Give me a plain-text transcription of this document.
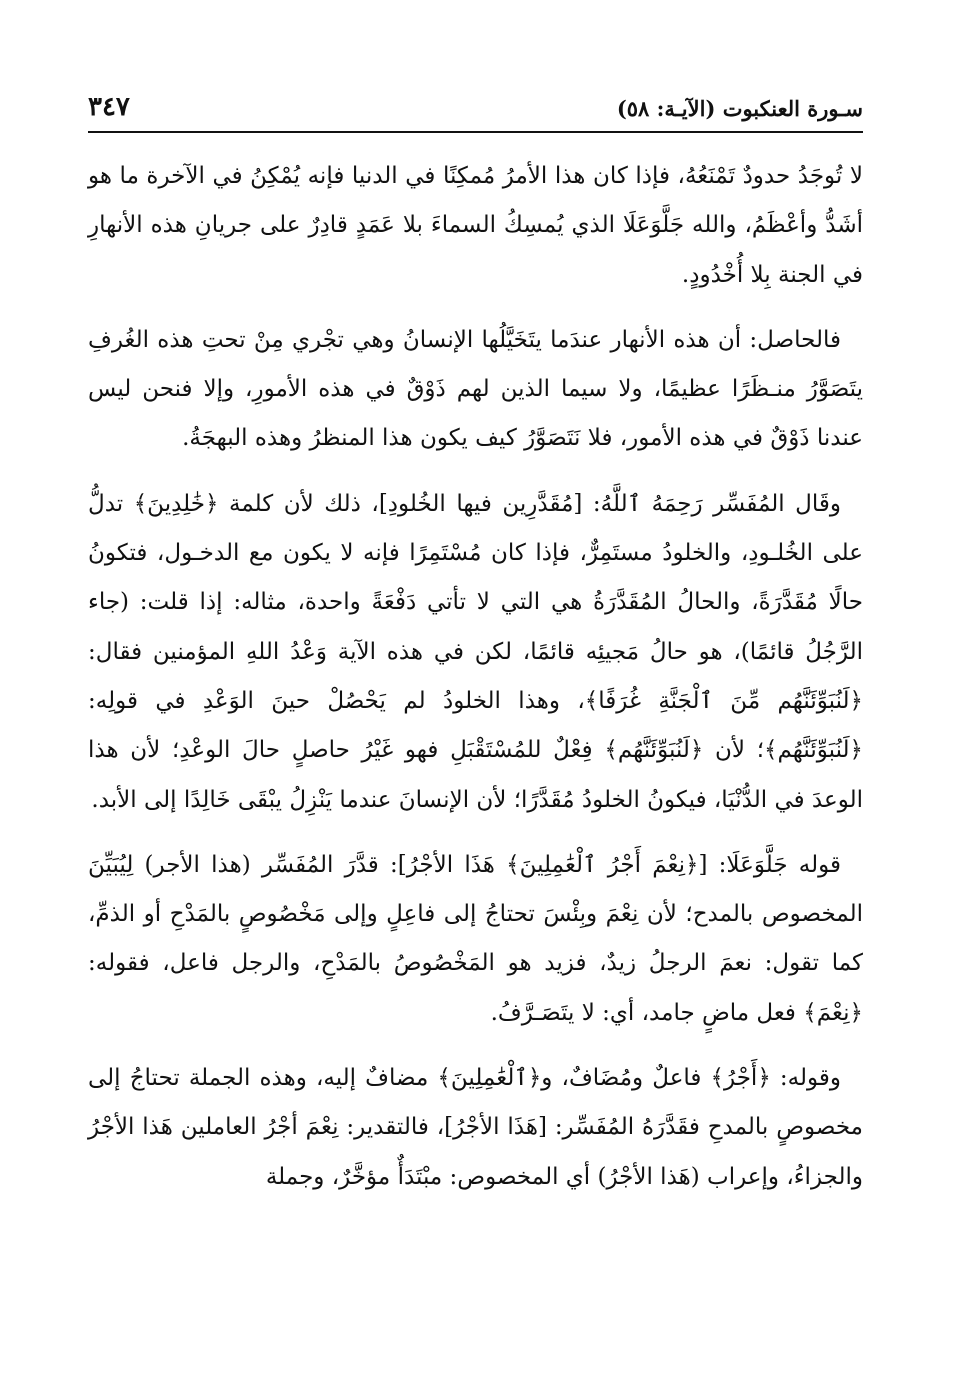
سـورة العنكبوت (الآيـة: ٥٨)
٣٤٧

لا تُوجَدُ حدودٌ تَمْنَعُهُ، فإذا كان هذا الأمرُ مُمكِنًا في الدنيا فإنه يُمْكِنُ في الآخرة ما هو أشَدُّ وأعْظَمُ، والله جَلَّوَعَلَا الذي يُمسِكُ السماءَ بلا عَمَدٍ قادِرٌ على جريانِ هذه الأنهارِ في الجنة بِلا أُخْدُودٍ.

فالحاصل: أن هذه الأنهار عندَما يتَخَيَّلُها الإنسانُ وهي تجْري مِنْ تحتِ هذه الغُرفِ يتَصَوَّرُ منـظَرًا عظيمًا، ولا سيما الذين لهم ذَوْقٌ في هذه الأمورِ، وإلا فنحن ليس عندنا ذَوْقٌ في هذه الأمور، فلا نَتَصَوَّرُ كيف يكون هذا المنظرُ وهذه البهجَةُ.

وقَال المُفَسِّر رَحِمَهُ ٱللَّهُ: [مُقَدَّرِين فيها الخُلودِ]، ذلك لأن كلمة ﴿خَٰلِدِينَ﴾ تدلُّ على الخُلـودِ، والخلودُ مستَمِرٌّ، فإذا كان مُسْتَمِرًا فإنه لا يكون مع الدخـول، فتكونُ حالًا مُقَدَّرَةً، والحالُ المُقَدَّرَةُ هي التي لا تأتي دَفْعَةً واحدة، مثاله: إذا قلت: (جاء الرَّجُلُ قائمًا)، هو حالُ مَجيئِه قائمًا، لكن في هذه الآية وَعْدُ اللهِ المؤمنين فقال: ﴿لَنُبَوِّئَنَّهُم مِّنَ ٱلْجَنَّةِ غُرَفًا﴾، وهذا الخلودُ لم يَحْصُلْ حينَ الوَعْدِ في قولِه: ﴿لَنُبَوِّئَنَّهُم﴾؛ لأن ﴿لَنُبَوِّئَنَّهُم﴾ فِعْلٌ للمُسْتَقْبَلِ فهو غَيْرُ حاصلٍ حالَ الوعْدِ؛ لأن هذا الوعدَ في الدُّنْيَا، فيكونُ الخلودُ مُقَدَّرًا؛ لأن الإنسانَ عندما يَنْزِلُ يبْقَى خَالِدًا إلى الأبد.

قوله جَلَّوَعَلَا: [﴿نِعْمَ أَجْرُ ٱلْعَٰمِلِينَ﴾ هَذَا الأجْرُ]: قدَّرَ المُفَسِّر (هذا الأجر) لِيُبَيِّنَ المخصوص بالمدح؛ لأن نِعْمَ وبِئْسَ تحتاجُ إلى فاعِلٍ وإلى مَخْصُوصٍ بالمَدْحِ أو الذمِّ، كما تقول: نعمَ الرجلُ زيدٌ، فزيد هو المَخْصُوصُ بالمَدْحِ، والرجل فاعل، فقوله: ﴿نِعْمَ﴾ فعل ماضٍ جامد، أي: لا يتَصَـرَّفُ.

وقوله: ﴿أَجْرُ﴾ فاعلٌ ومُضَافٌ، و﴿ٱلْعَٰمِلِينَ﴾ مضافٌ إليه، وهذه الجملة تحتاجُ إلى مخصوصٍ بالمدحِ فقَدَّرَهُ المُفَسِّر: [هَذَا الأجْرُ]، فالتقدير: نِعْمَ أجْرُ العاملين هَذا الأجْرُ والجزاءُ، وإعراب (هَذا الأجْرُ) أي المخصوص: مبْتَدَأٌ مؤخَّرٌ، وجملة
